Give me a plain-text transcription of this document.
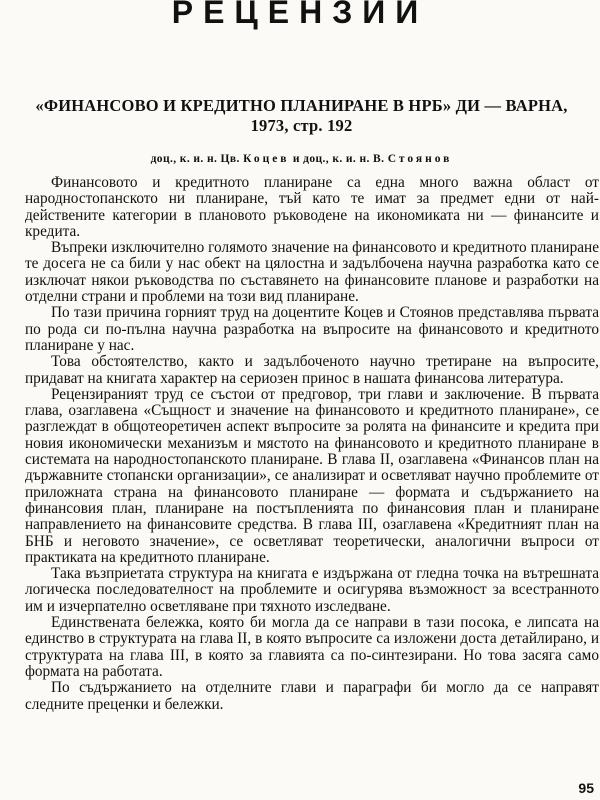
РЕЦЕНЗИИ
«ФИНАНСОВО И КРЕДИТНО ПЛАНИРАНЕ В НРБ» ДИ — ВАРНА,
1973, стр. 192
доц., к. и. н. Цв. Коцев и доц., к. и. н. В. Стоянов

Финансовото и кредитното планиране са една много важна област от народностопанското ни планиране, тъй като те имат за предмет едни от най-действените категории в плановото ръководене на икономиката ни — финансите и кредита.

Въпреки изключително голямото значение на финансовото и кредитното планиране те досега не са били у нас обект на цялостна и задълбочена научна разработка като се изключат някои ръководства по съставянето на финансовите планове и разработки на отделни страни и проблеми на този вид планиране.

По тази причина горният труд на доцентите Коцев и Стоянов представлява първата по рода си по-пълна научна разработка на въпросите на финансовото и кредитното планиране у нас.

Това обстоятелство, както и задълбоченото научно третиране на въпросите, придават на книгата характер на сериозен принос в нашата финансова литература.

Рецензираният труд се състои от предговор, три глави и заключение. В първата глава, озаглавена «Същност и значение на финансовото и кредитното планиране», се разглеждат в общотеоретичен аспект въпросите за ролята на финансите и кредита при новия икономически механизъм и мястото на финансовото и кредитното планиране в системата на народностопанското планиране. В глава II, озаглавена «Финансов план на държавните стопански организации», се анализират и осветляват научно проблемите от приложната страна на финансовото планиране — формата и съдържанието на финансовия план, планиране на постъпленията по финансовия план и планиране направлението на финансовите средства. В глава III, озаглавена «Кредитният план на БНБ и неговото значение», се осветляват теоретически, аналогични въпроси от практиката на кредитното планиране.

Така възприетата структура на книгата е издържана от гледна точка на вътрешната логическа последователност на проблемите и осигурява възможност за всестранното им и изчерпателно осветляване при тяхното изследване.

Единствената бележка, която би могла да се направи в тази посока, е липсата на единство в структурата на глава II, в която въпросите са изложени доста детайлирано, и структурата на глава III, в която за главията са по-синтезирани. Но това засяга само формата на работата.

По съдържанието на отделните глави и параграфи би могло да се направят следните преценки и бележки.

95
